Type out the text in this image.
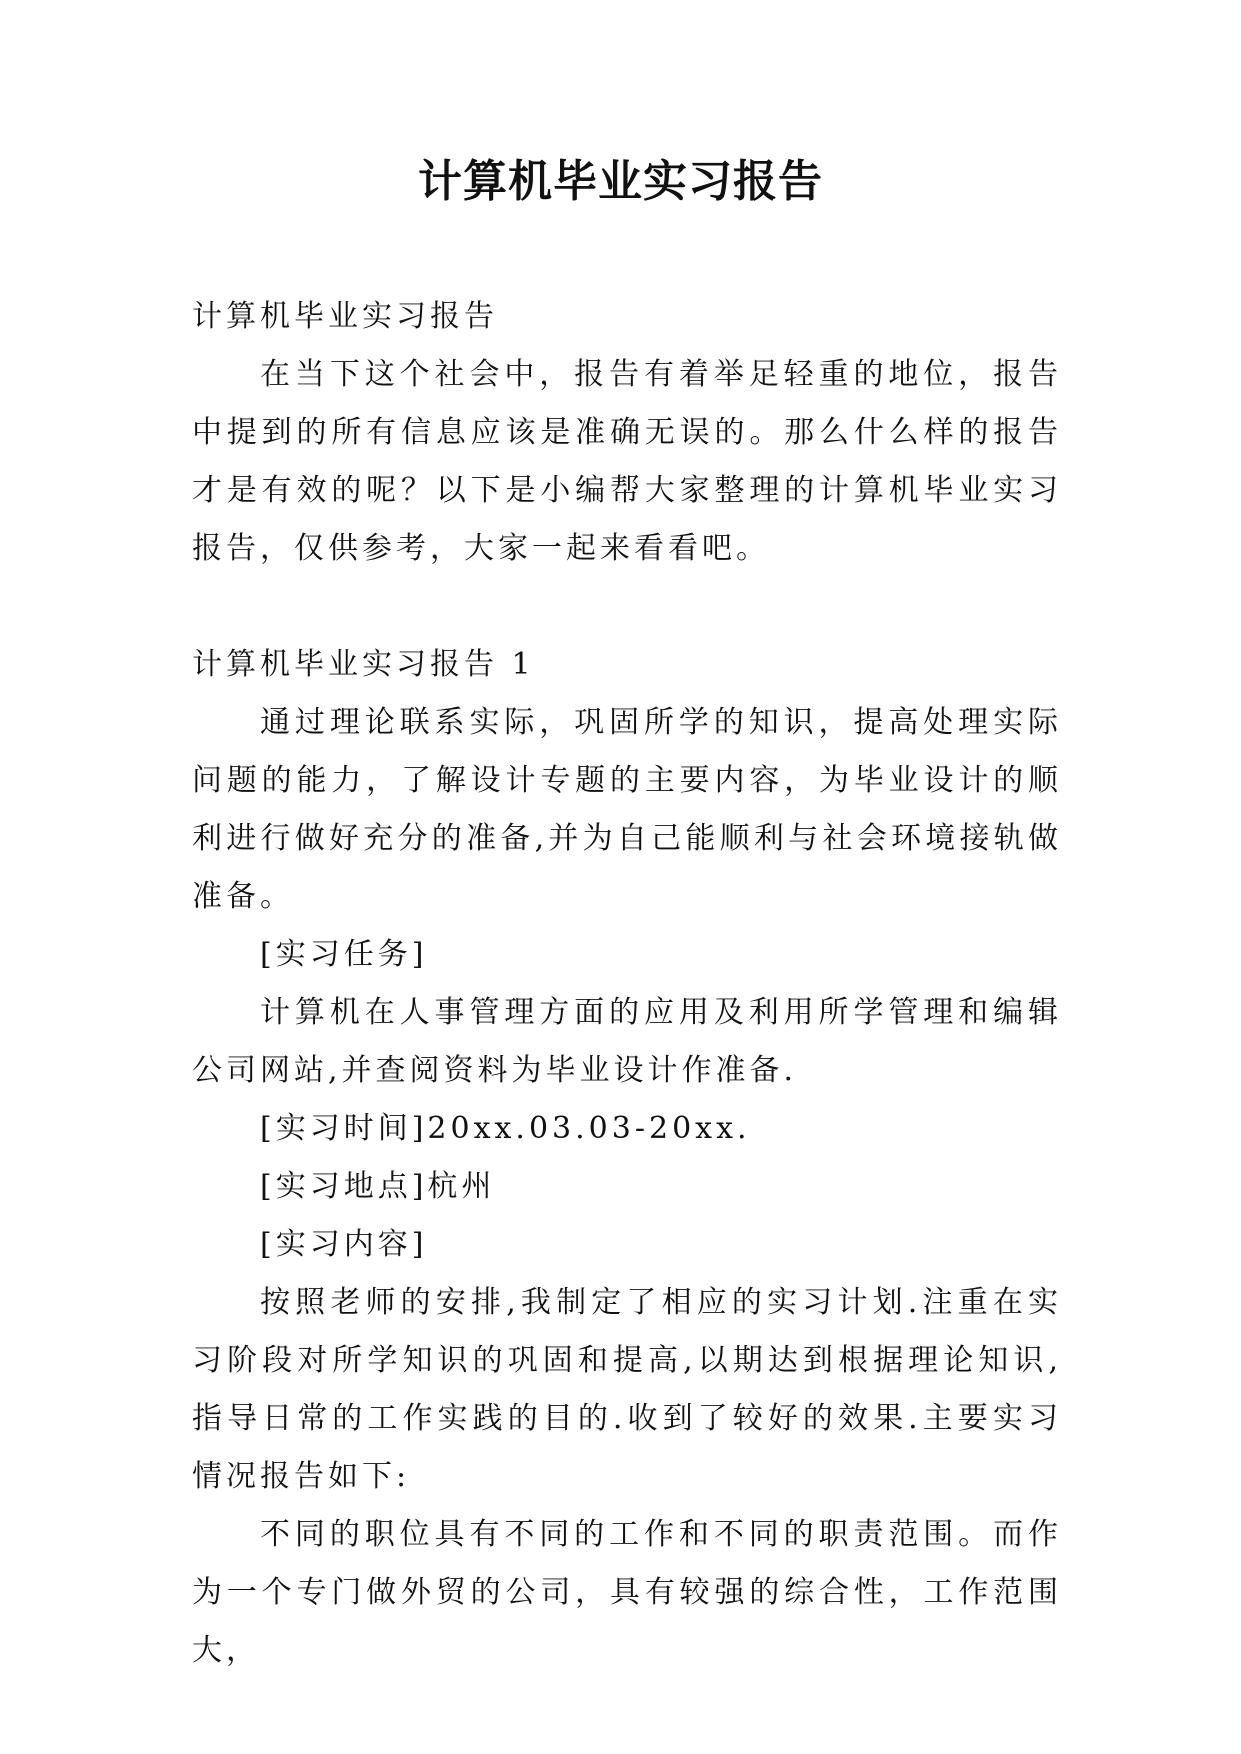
计算机毕业实习报告

计算机毕业实习报告

在当下这个社会中，报告有着举足轻重的地位，报告中提到的所有信息应该是准确无误的。那么什么样的报告才是有效的呢？以下是小编帮大家整理的计算机毕业实习报告，仅供参考，大家一起来看看吧。

计算机毕业实习报告 1

通过理论联系实际，巩固所学的知识，提高处理实际问题的能力，了解设计专题的主要内容，为毕业设计的顺利进行做好充分的准备,并为自己能顺利与社会环境接轨做准备。

[实习任务]

计算机在人事管理方面的应用及利用所学管理和编辑公司网站,并查阅资料为毕业设计作准备.

[实习时间]20xx.03.03-20xx.

[实习地点]杭州

[实习内容]

按照老师的安排,我制定了相应的实习计划.注重在实习阶段对所学知识的巩固和提高,以期达到根据理论知识,指导日常的工作实践的目的.收到了较好的效果.主要实习情况报告如下:

不同的职位具有不同的工作和不同的职责范围。而作为一个专门做外贸的公司，具有较强的综合性，工作范围大，
